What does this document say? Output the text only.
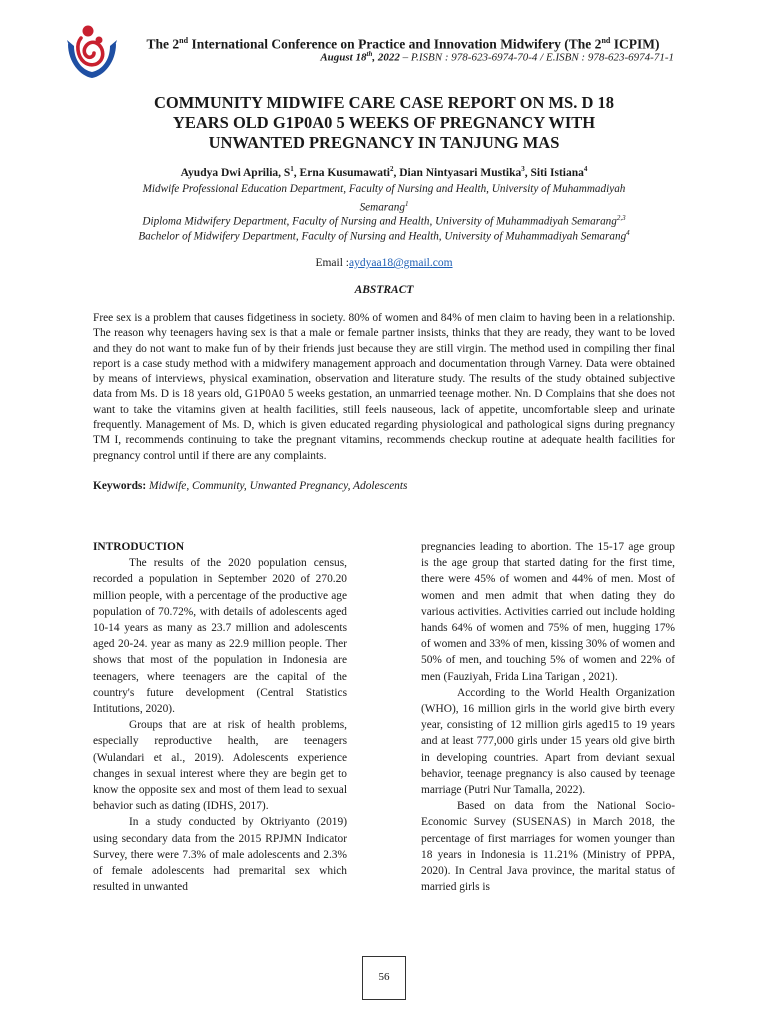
The 2nd International Conference on Practice and Innovation Midwifery (The 2nd ICPIM)
August 18th, 2022 – P.ISBN : 978-623-6974-70-4 / E.ISBN : 978-623-6974-71-1
COMMUNITY MIDWIFE CARE CASE REPORT ON MS. D 18
YEARS OLD G1P0A0 5 WEEKS OF PREGNANCY WITH
UNWANTED PREGNANCY IN TANJUNG MAS
Ayudya Dwi Aprilia, $S^1$, Erna Kusumawati$^2$, Dian Nintyasari Mustika$^3$, Siti Istiana$^4$
Midwife Professional Education Department, Faculty of Nursing and Health, University of Muhammadiyah
Semarang$^1$
Diploma Midwifery Department, Faculty of Nursing and Health, University of Muhammadiyah Semarang$^{2,3}$
Bachelor of Midwifery Department, Faculty of Nursing and Health, University of Muhammadiyah Semarang$^4$
Email :aydyaa18@gmail.com
ABSTRACT
Free sex is a problem that causes fidgetiness in society. 80% of women and 84% of men claim to having been in a relationship. The reason why teenagers having sex is that a male or female partner insists, thinks that they are ready, they want to be loved and they do not want to make fun of by their friends just because they are still virgin. The method used in compiling ther final report is a case study method with a midwifery management approach and documentation through Varney. Data were obtained by means of interviews, physical examination, observation and literature study. The results of the study obtained subjective data from Ms. D is 18 years old, G1P0A0 5 weeks gestation, an unmarried teenage mother. Nn. D Complains that she does not want to take the vitamins given at health facilities, still feels nauseous, lack of appetite, uncomfortable sleep and urinate frequently. Management of Ms. D, which is given educated regarding physiological and pathological signs during pregnancy TM I, recommends continuing to take the pregnant vitamins, recommends checkup routine at adequate health facilities for pregnancy control until if there are any complaints.
Keywords: Midwife, Community, Unwanted Pregnancy, Adolescents

INTRODUCTION

The results of the 2020 population census, recorded a population in September 2020 of 270.20 million people, with a percentage of the productive age population of 70.72%, with details of adolescents aged 10-14 years as many as 23.7 million and adolescents aged 20-24. year as many as 22.9 million people. Ther shows that most of the population in Indonesia are teenagers, where teenagers are the capital of the country's future development (Central Statistics Intitutions, 2020).

Groups that are at risk of health problems, especially reproductive health, are teenagers (Wulandari et al., 2019). Adolescents experience changes in sexual interest where they are begin get to know the opposite sex and most of them lead to sexual behavior such as dating (IDHS, 2017).

In a study conducted by Oktriyanto (2019) using secondary data from the 2015 RPJMN Indicator Survey, there were 7.3% of male adolescents and 2.3% of female adolescents had premarital sex which resulted in unwanted

pregnancies leading to abortion. The 15-17 age group is the age group that started dating for the first time, there were 45% of women and 44% of men. Most of women and men admit that when dating they do various activities. Activities carried out include holding hands 64% of women and 75% of men, hugging 17% of women and 33% of men, kissing 30% of women and 50% of men, and touching 5% of women and 22% of men (Fauziyah, Frida Lina Tarigan , 2021).

According to the World Health Organization (WHO), 16 million girls in the world give birth every year, consisting of 12 million girls aged15 to 19 years and at least 777,000 girls under 15 years old give birth in developing countries. Apart from deviant sexual behavior, teenage pregnancy is also caused by teenage marriage (Putri Nur Tamalla, 2022).

Based on data from the National Socio-Economic Survey (SUSENAS) in March 2018, the percentage of first marriages for women younger than 18 years in Indonesia is 11.21% (Ministry of PPPA, 2020). In Central Java province, the marital status of married girls is

56
